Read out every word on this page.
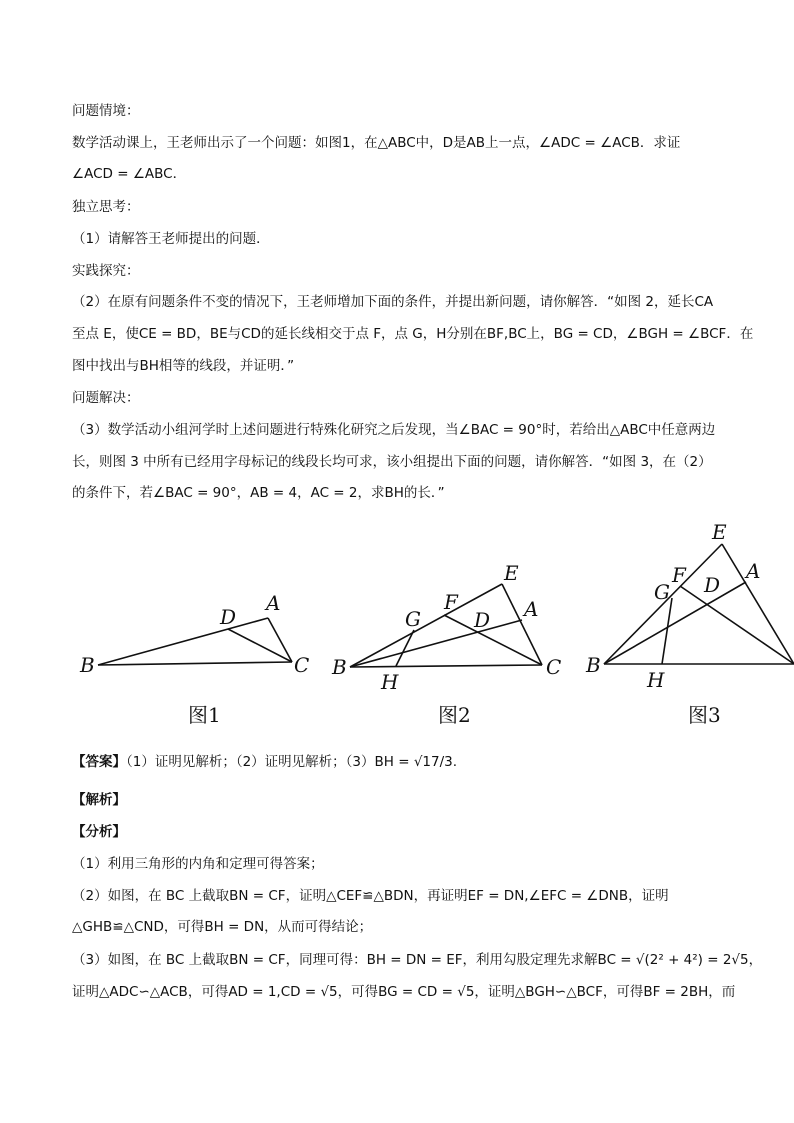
问题情境：
数学活动课上，王老师出示了一个问题：如图1，在△ABC中，D是AB上一点，∠ADC = ∠ACB．求证
∠ACD = ∠ABC．
独立思考：
（1）请解答王老师提出的问题．
实践探究：
（2）在原有问题条件不变的情况下，王老师增加下面的条件，并提出新问题，请你解答．“如图 2，延长CA
至点 E，使CE = BD，BE与CD的延长线相交于点 F，点 G，H分别在BF,BC上，BG = CD，∠BGH = ∠BCF．在
图中找出与BH相等的线段，并证明．”
问题解决：
（3）数学活动小组河学时上述问题进行特殊化研究之后发现，当∠BAC = 90°时，若给出△ABC中任意两边
长，则图 3 中所有已经用字母标记的线段长均可求，该小组提出下面的问题，请你解答．“如图 3，在（2）
的条件下，若∠BAC = 90°，AB = 4，AC = 2，求BH的长．”
B	C
D
A
图1
B	C
D A
E
F
G
H
图2
B
D
A
E
F
G
H
图3
【答案】（1）证明见解析；（2）证明见解析；（3）BH = √17/3.
【解析】
【分析】
（1）利用三角形的内角和定理可得答案；
（2）如图，在 BC 上截取BN = CF，证明△CEF≌△BDN，再证明EF = DN,∠EFC = ∠DNB，证明
△GHB≌△CND，可得BH = DN，从而可得结论；
（3）如图，在 BC 上截取BN = CF，同理可得：BH = DN = EF，利用勾股定理先求解BC = √(2² + 4²) = 2√5，
证明△ADC∽△ACB，可得AD = 1,CD = √5，可得BG = CD = √5，证明△BGH∽△BCF，可得BF = 2BH，而
